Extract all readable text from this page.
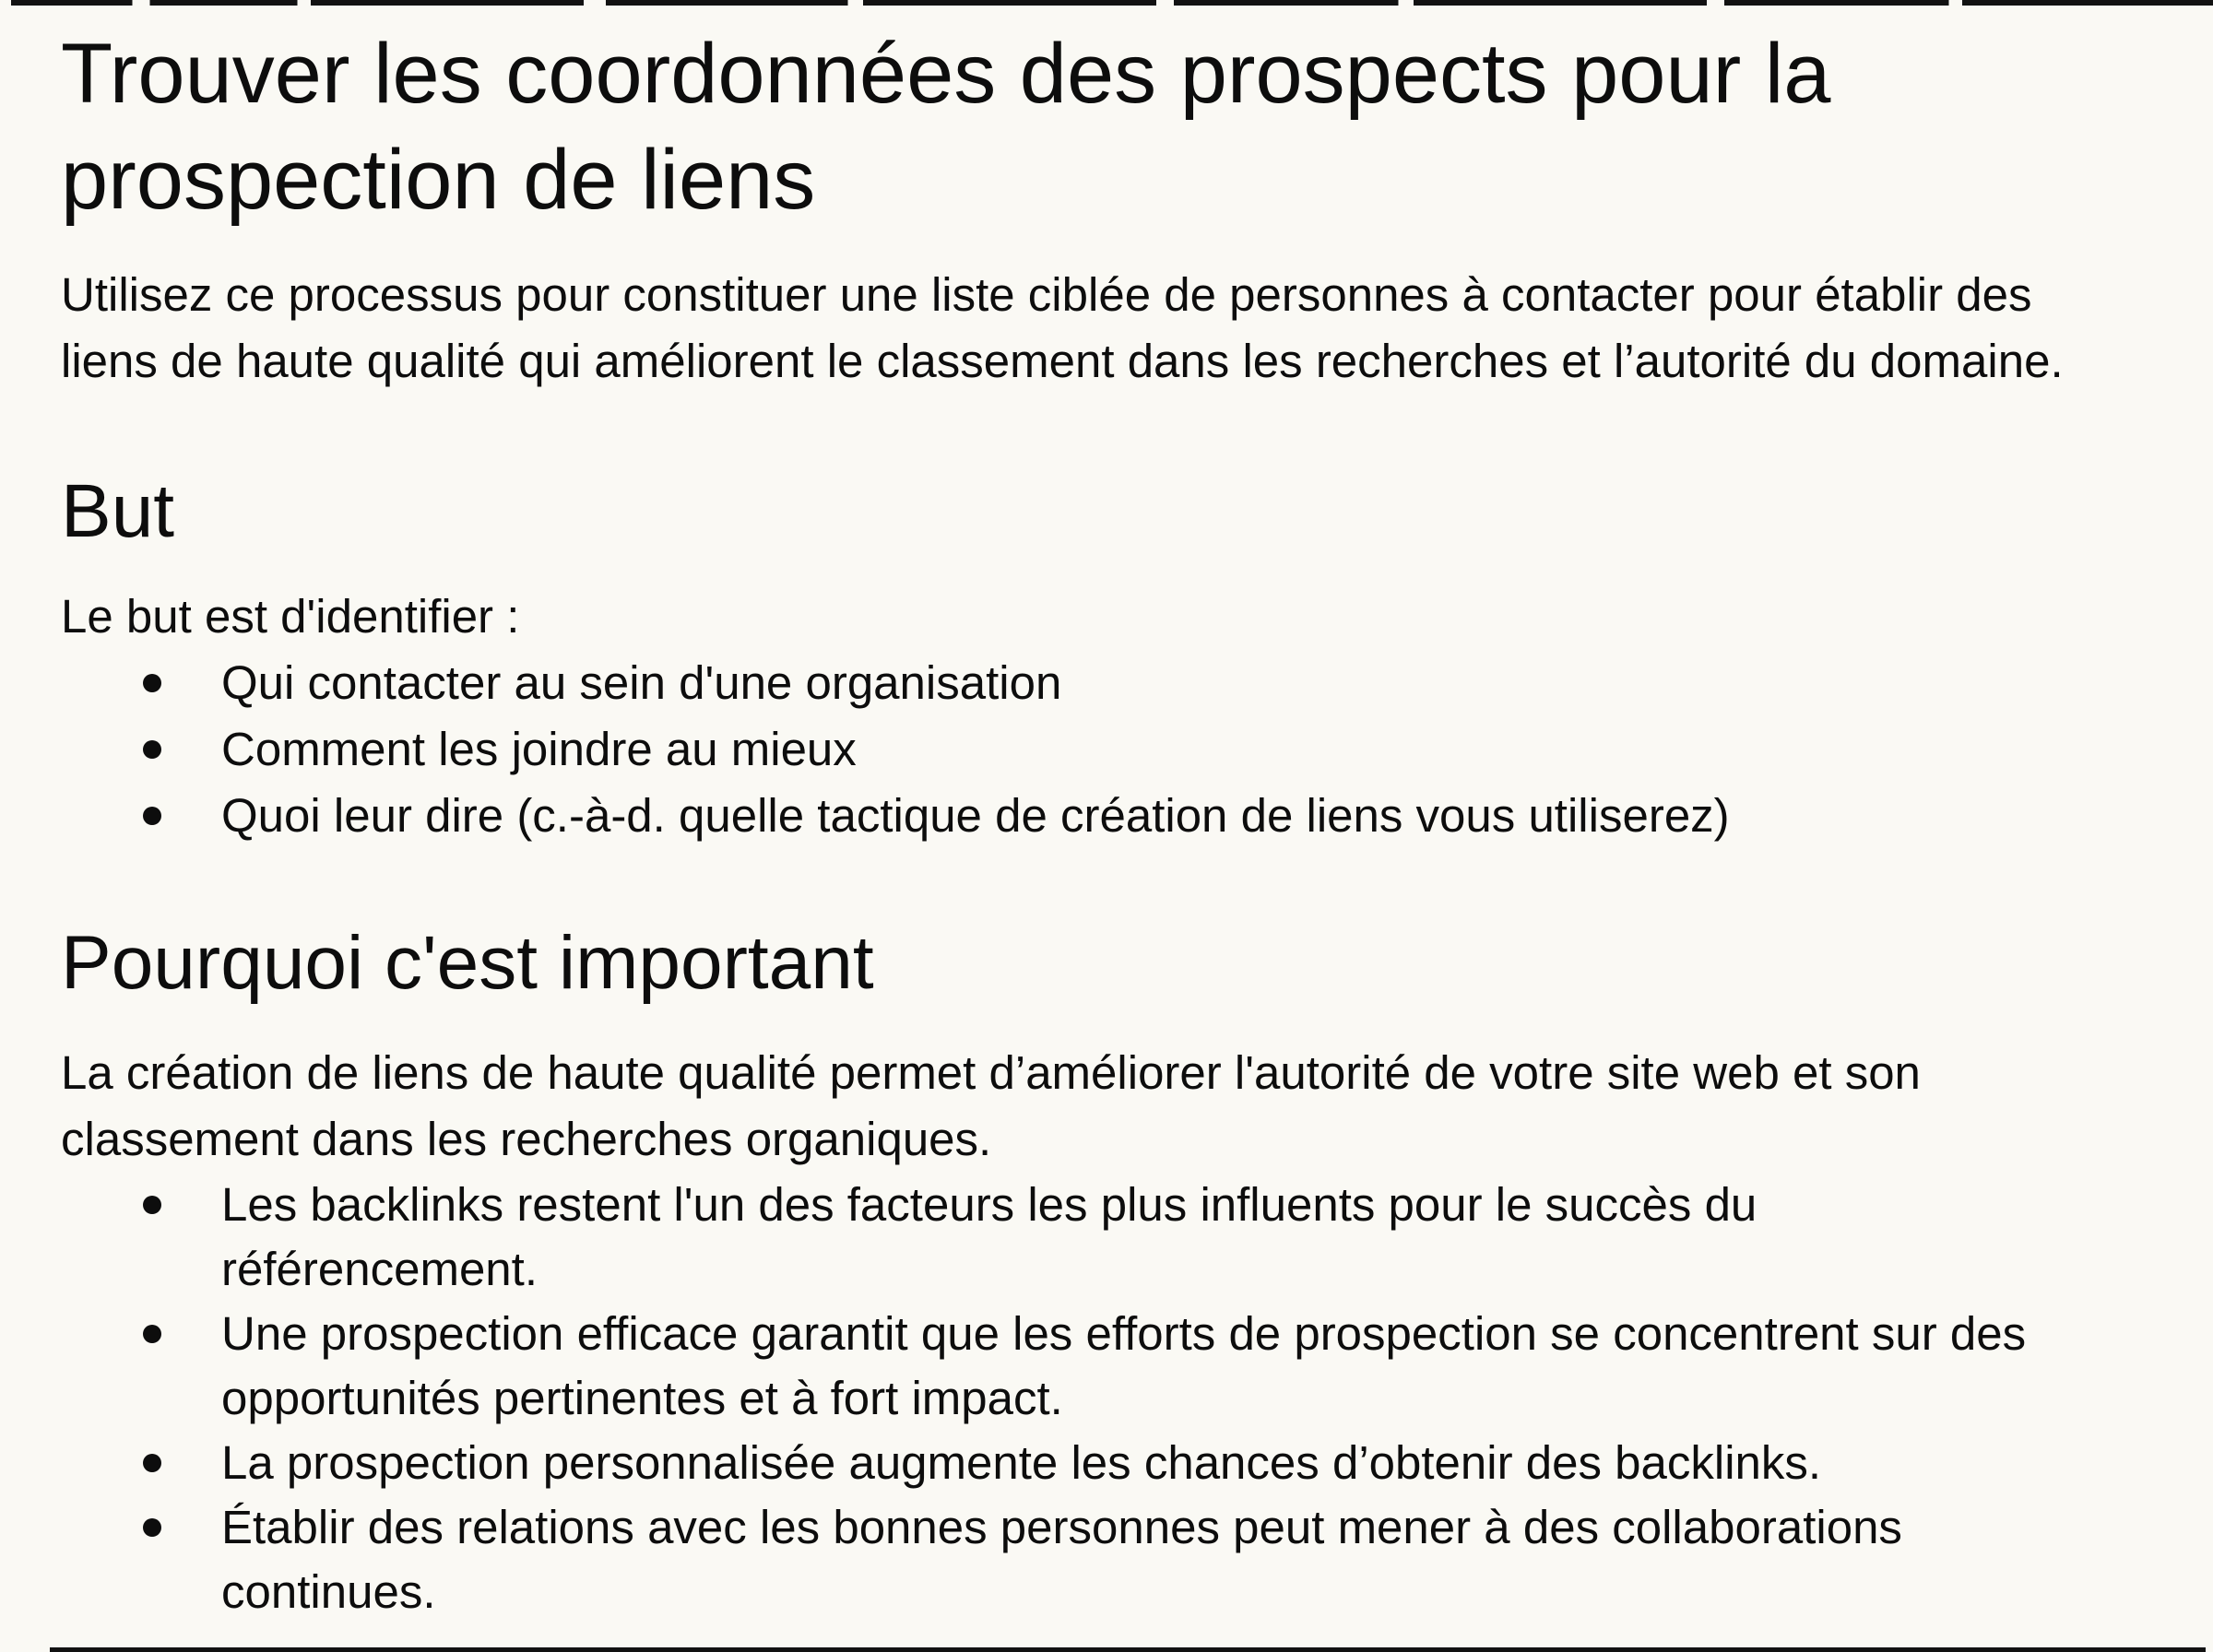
Trouver les coordonnées des prospects pour la
prospection de liens

Utilisez ce processus pour constituer une liste ciblée de personnes à contacter pour établir des
liens de haute qualité qui améliorent le classement dans les recherches et l’autorité du domaine.

But

Le but est d'identifier :

Qui contacter au sein d'une organisation
Comment les joindre au mieux
Quoi leur dire (c.-à-d. quelle tactique de création de liens vous utiliserez)
Pourquoi c'est important

La création de liens de haute qualité permet d’améliorer l'autorité de votre site web et son
classement dans les recherches organiques.

Les backlinks restent l'un des facteurs les plus influents pour le succès du
référencement.
Une prospection efficace garantit que les efforts de prospection se concentrent sur des
opportunités pertinentes et à fort impact.
La prospection personnalisée augmente les chances d’obtenir des backlinks.
Établir des relations avec les bonnes personnes peut mener à des collaborations
continues.
